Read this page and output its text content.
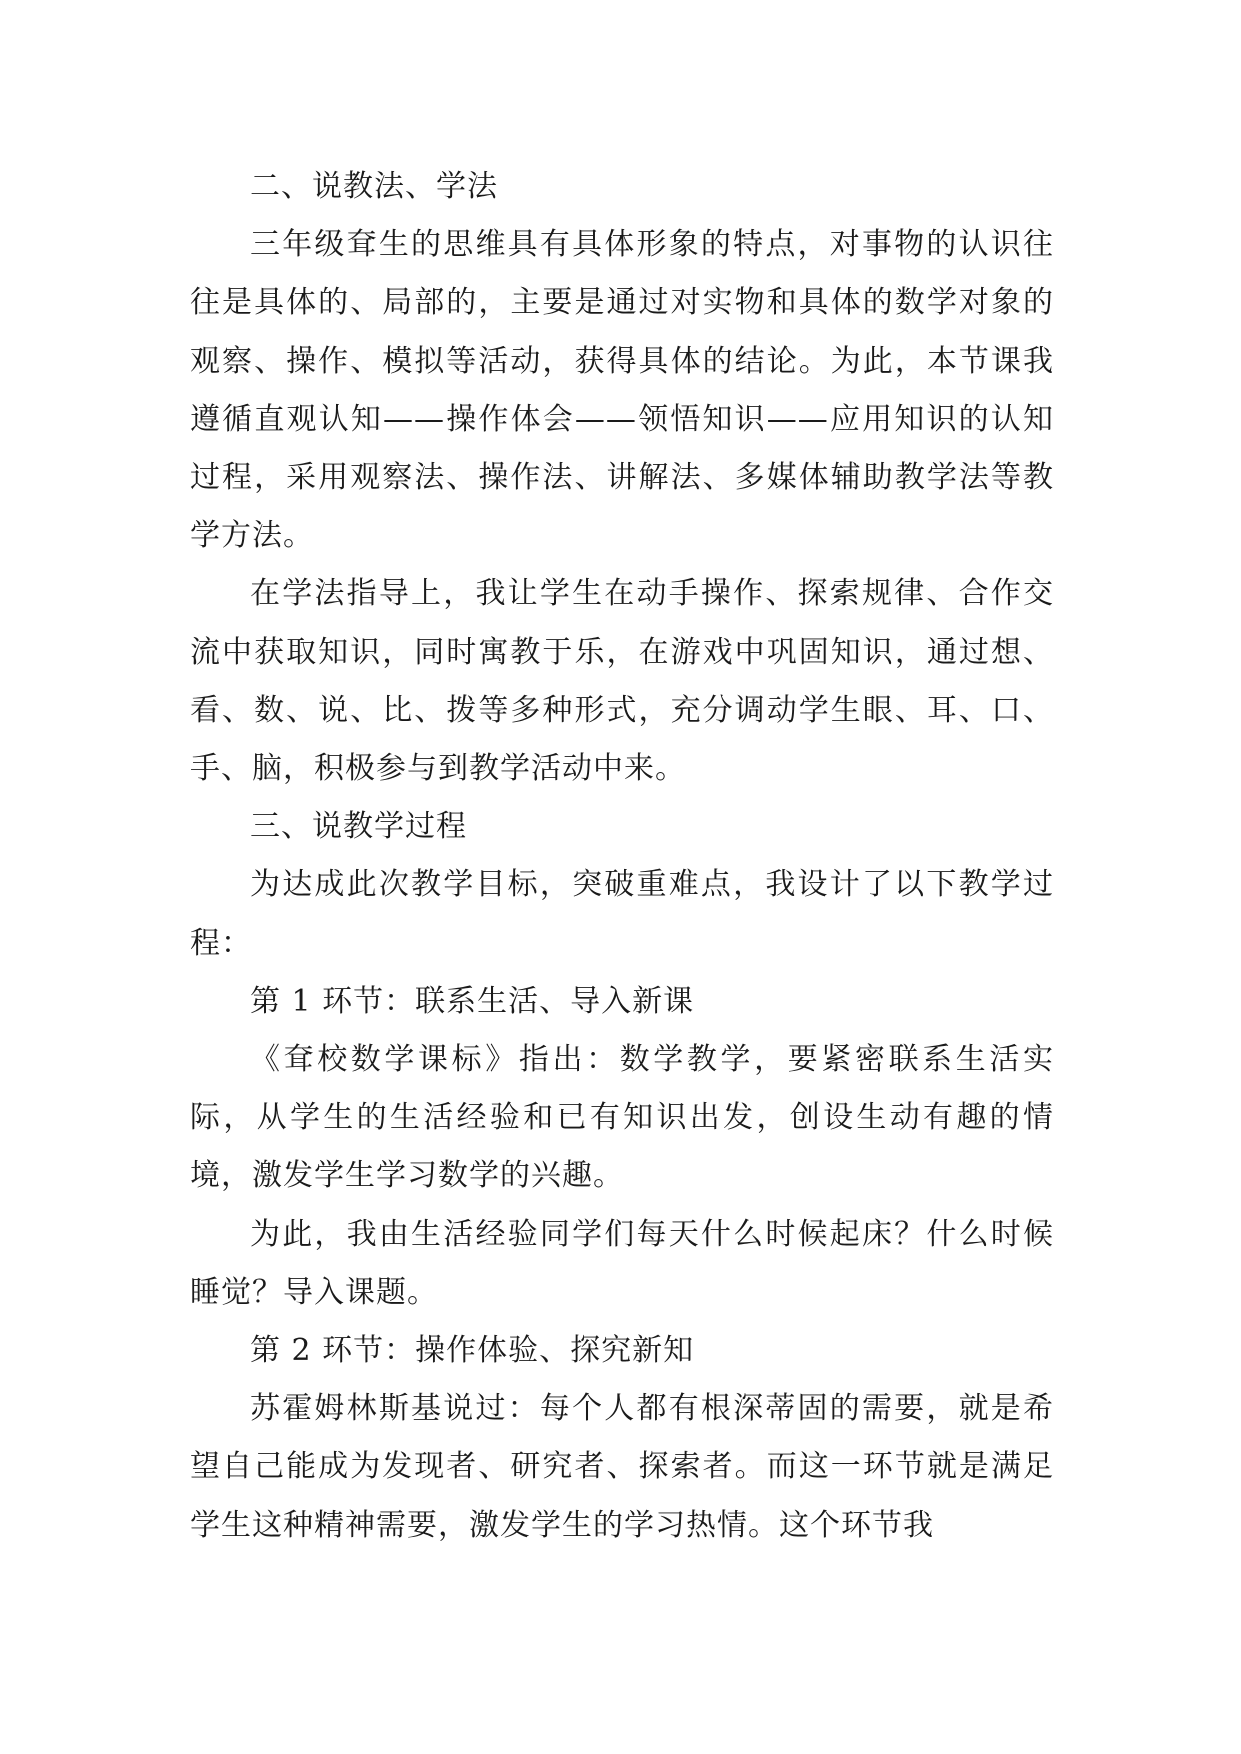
二、说教法、学法

三年级耷生的思维具有具体形象的特点，对事物的认识往往是具体的、局部的，主要是通过对实物和具体的数学对象的观察、操作、模拟等活动，获得具体的结论。为此，本节课我遵循直观认知——操作体会——领悟知识——应用知识的认知过程，采用观察法、操作法、讲解法、多媒体辅助教学法等教学方法。

在学法指导上，我让学生在动手操作、探索规律、合作交流中获取知识，同时寓教于乐，在游戏中巩固知识，通过想、看、数、说、比、拨等多种形式，充分调动学生眼、耳、口、手、脑，积极参与到教学活动中来。

三、说教学过程

为达成此次教学目标，突破重难点，我设计了以下教学过程：

第 1 环节：联系生活、导入新课

《耷校数学课标》指出：数学教学，要紧密联系生活实际，从学生的生活经验和已有知识出发，创设生动有趣的情境，激发学生学习数学的兴趣。

为此，我由生活经验同学们每天什么时候起床？什么时候睡觉？导入课题。

第 2 环节：操作体验、探究新知

苏霍姆林斯基说过：每个人都有根深蒂固的需要，就是希望自己能成为发现者、研究者、探索者。而这一环节就是满足学生这种精神需要，激发学生的学习热情。这个环节我
